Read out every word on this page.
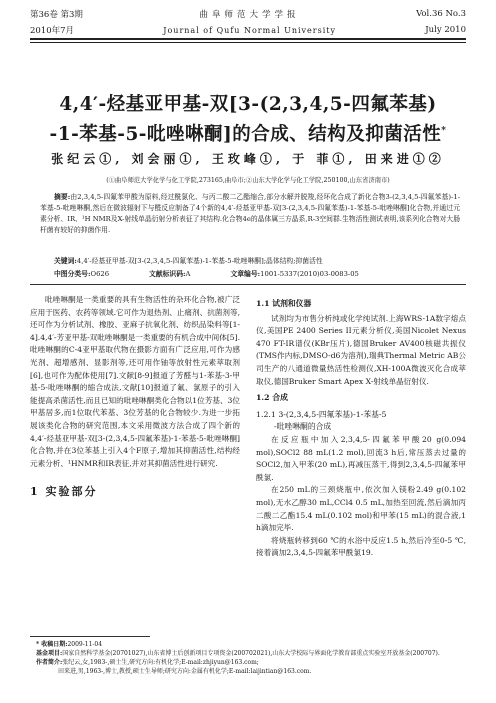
第36卷 第3期	曲阜师范大学学报	Vol.36 No.3
2010年7月	Journal of Qufu Normal University	July 2010
4,4′-烃基亚甲基-双[3-(2,3,4,5-四氟苯基)
-1-苯基-5-吡唑啉酮]的合成、结构及抑菌活性*
张纪云①, 刘会丽①, 王玫峰①, 于 菲①, 田来进①②
(①曲阜师范大学化学与化工学院,273165,曲阜市;②山东大学化学与化工学院,250100,山东省济南市)

摘要:由2,3,4,5-四氟苯甲酸为原料,经过酰氯化、与丙二酸二乙酯缩合,部分水解并脱羧,经环化合成了新化合物3-(2,3,4,5-四氟苯基)-1-苯基-5-吡唑啉酮,然后在微波辐射下与醛反应制备了4个新的4,4′-烃基亚甲基-双[3-(2,3,4,5-四氟苯基)-1-苯基-5-吡唑啉酮]化合物,并通过元素分析、IR、¹H NMR及X-射线单晶衍射分析表征了其结构.化合物4e的晶体属三方晶系,R-3空间群.生物活性测试表明,该系列化合物对大肠杆菌有较好的抑菌作用.

关键词:4,4′-烃基亚甲基-双[3-(2,3,4,5-四氟苯基)-1-苯基-5-吡唑啉酮];晶体结构;抑菌活性

中图分类号:O626	文献标识码:A	文章编号:1001-5337(2010)03-0083-05

吡唑啉酮是一类重要的具有生物活性的杂环化合物,被广泛应用于医药、农药等领域.它可作为退热剂、止痛剂、抗菌剂等,还可作为分析试剂、橡胶、亚麻子抗氧化剂、纺织品染料等[1-4].4,4′-芳亚甲基-双吡唑啉酮是一类重要的有机合成中间体[5].吡唑啉酮的C-4亚甲基取代物在摄影方面有广泛应用,可作为感光剂、超增感剂、显影剂等,还可用作铀等放射性元素萃取剂[6],也可作为配体使用[7].文献[8-9]报道了芳醛与1-苯基-3-甲基-5-吡唑啉酮的缩合成法,文献[10]报道了氟、氯原子的引入能提高杀菌活性,而且已知的吡唑啉酮类化合物以1位芳基、3位甲基居多,而1位取代苯基、3位芳基的化合物较少.为进一步拓展该类化合物的研究范围,本文采用微波方法合成了四个新的4,4′-烃基亚甲基-双[3-(2,3,4,5-四氟苯基)-1-苯基-5-吡唑啉酮]化合物,并在3位苯基上引入4个F原子,增加其抑菌活性,结构经元素分析、¹HNMR和IR表征,并对其抑菌活性进行研究.

1 实验部分
1.1 试剂和仪器

试剂均为市售分析纯或化学纯试剂.上海WRS-1A数字熔点仪,美国PE 2400 Series II元素分析仪,美国Nicolet Nexus 470 FT-IR谱仪(KBr压片),德国Bruker AV400核磁共振仪(TMS作内标,DMSO-d6为溶剂),瑞典Thermal Metric AB公司生产的八通道微量热活性检测仪,XH-100A微波灭化合成萃取仪,德国Bruker Smart Apex X-射线单晶衍射仪.

1.2 合成
1.2.1 3-(2,3,4,5-四氟苯基)-1-苯基-5
-吡唑啉酮的合成

在反应瓶中加入2,3,4,5-四氟苯甲酸20 g(0.094 mol),SOCl2 88 mL(1.2 mol),回流3 h后,常压蒸去过量的SOCl2,加入甲苯(20 mL),再减压蒸干,得到2,3,4,5-四氟苯甲酰氯.

在250 mL的三颈烧瓶中,依次加入镁粉2.49 g(0.102 mol),无水乙醇30 mL,CCl4 0.5 mL,加热至回流,然后滴加丙二酸二乙酯15.4 mL(0.102 mol)和甲苯(15 mL)的混合液,1 h滴加完毕.

将烧瓶转移到60 ℃的水浴中反应1.5 h,然后冷至0-5 ℃,接着滴加2,3,4,5-四氟苯甲酰氯19.

* 收稿日期:2009-11-04

基金项目:国家自然科学基金(20701027),山东省博士后创新项目专项资金(200702021),山东大学校际与界面化学教育部重点实验室开放基金(200707).

作者简介:张纪云,女,1983-,硕士生,研究方向:有机化学;E-mail:zhjiyun@163.com;

田来进,男,1963-,博士,教授,硕士生导师;研究方向:金属有机化学;E-mail:laijintian@163.com.
